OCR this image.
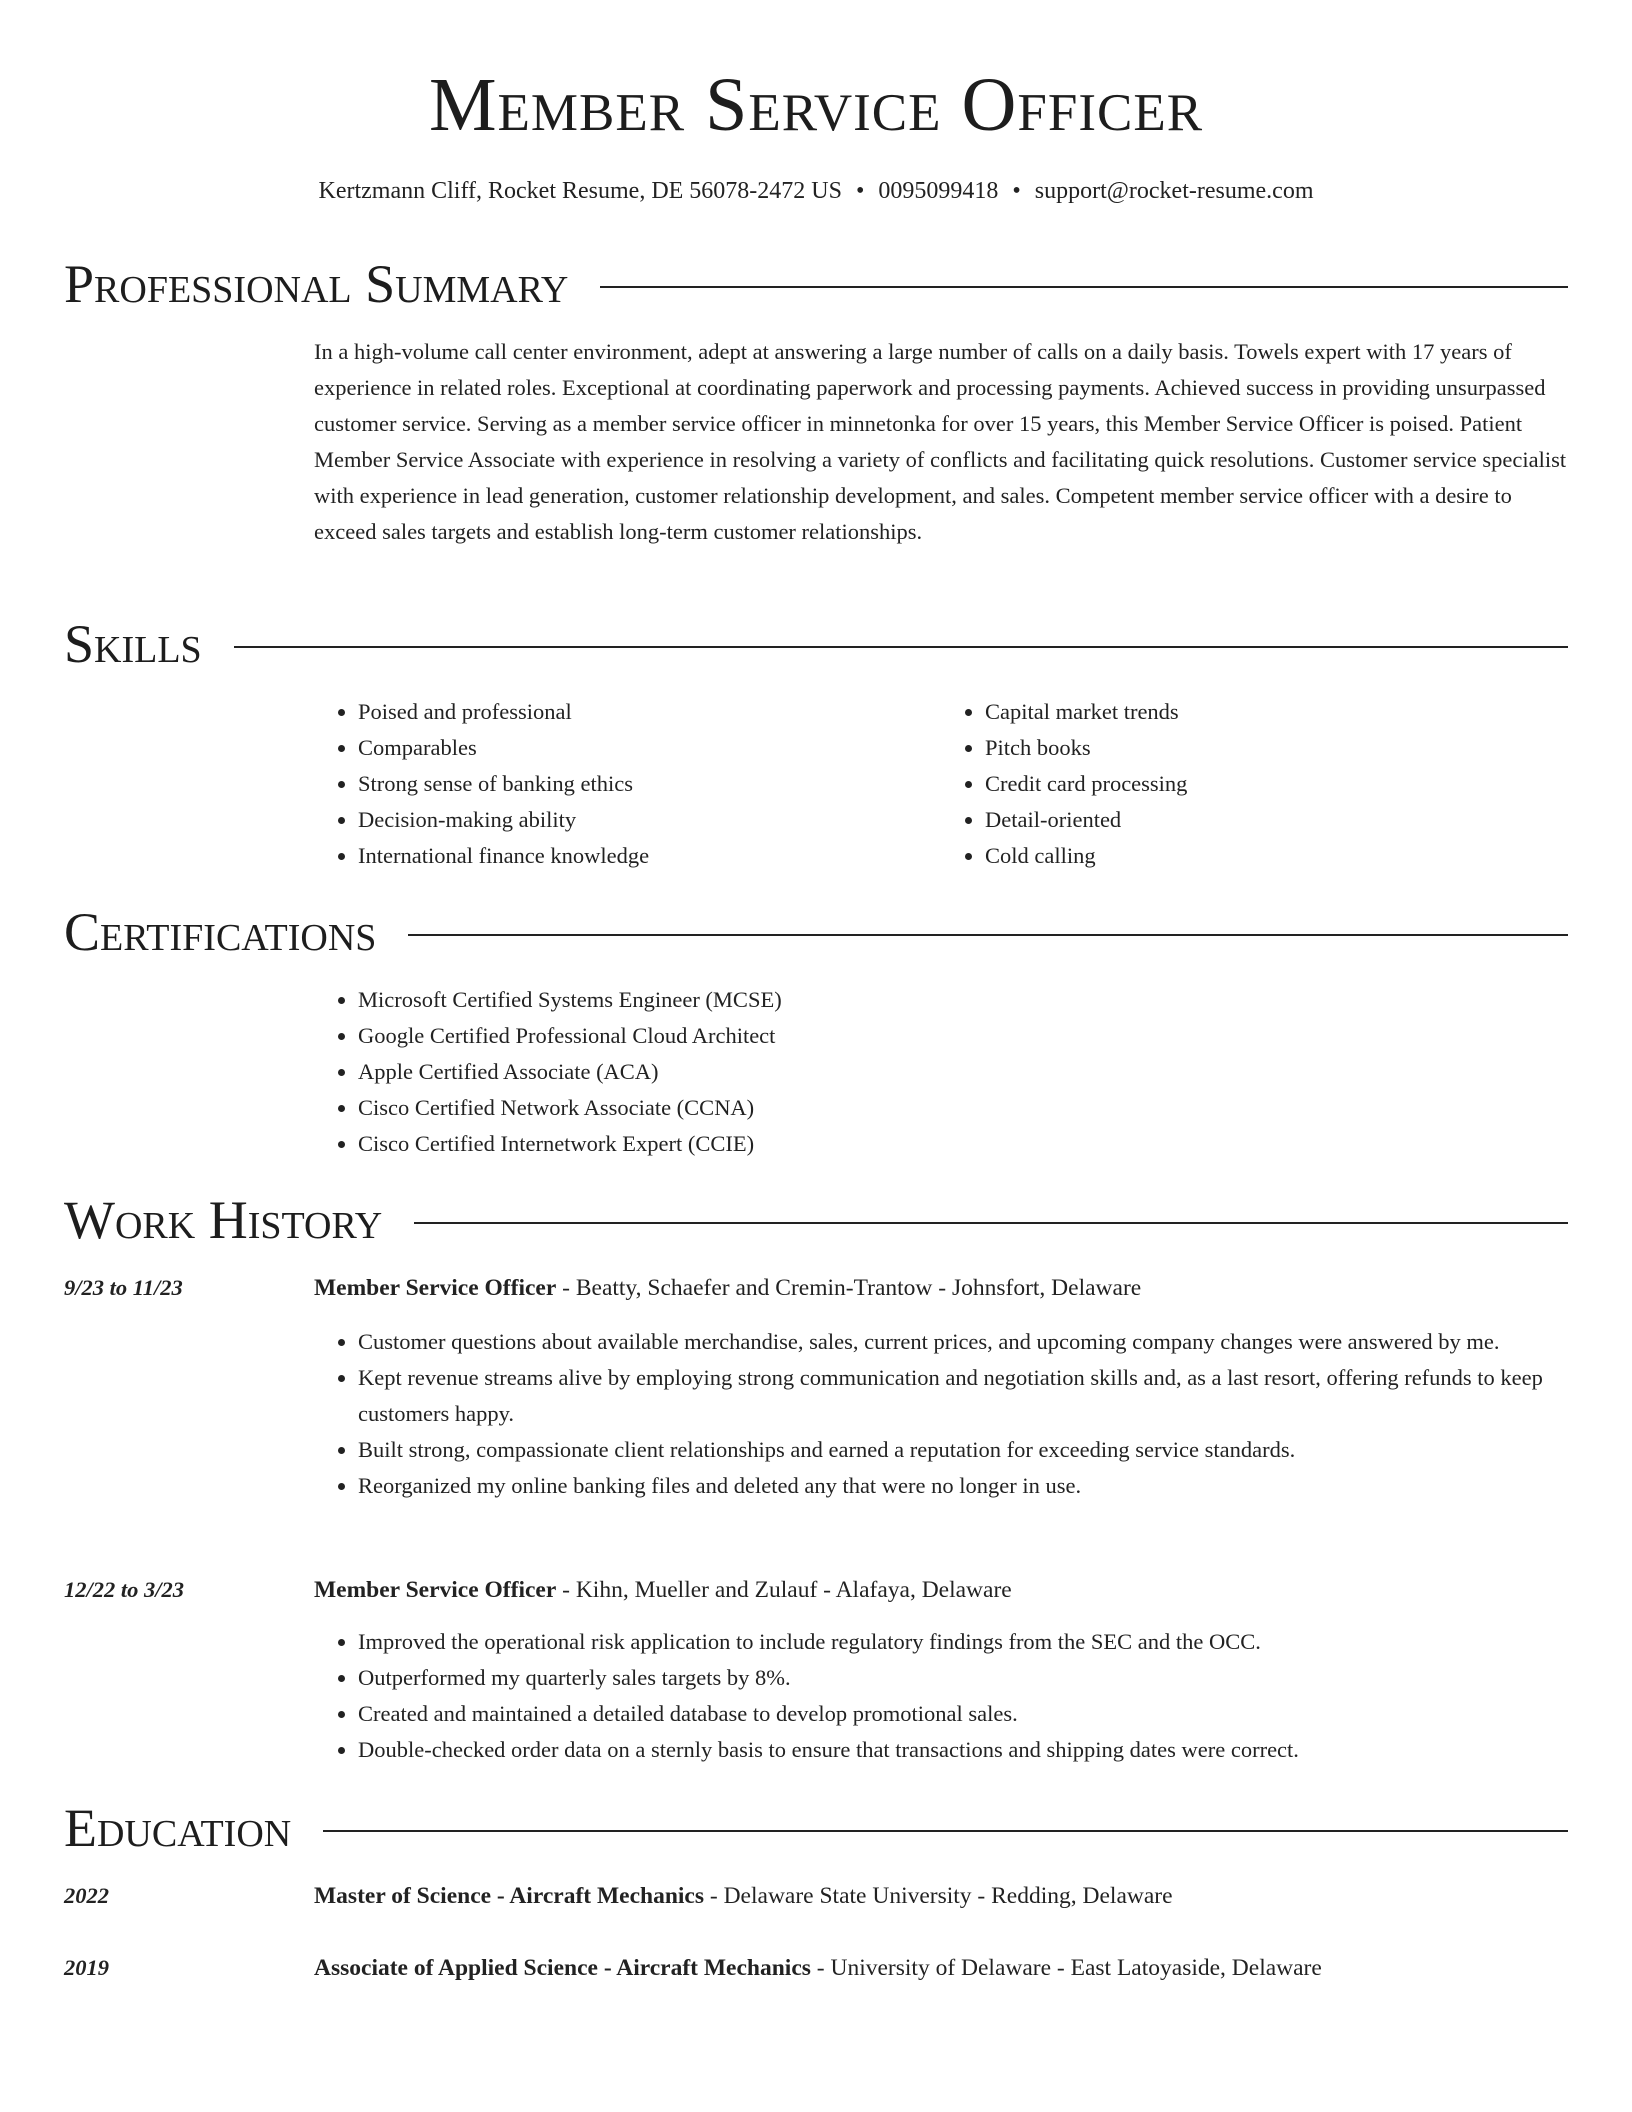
Member Service Officer
Kertzmann Cliff, Rocket Resume, DE 56078-2472 US • 0095099418 • support@rocket-resume.com
Professional Summary

In a high-volume call center environment, adept at answering a large number of calls on a daily basis. Towels expert with 17 years of experience in related roles. Exceptional at coordinating paperwork and processing payments. Achieved success in providing unsurpassed customer service. Serving as a member service officer in minnetonka for over 15 years, this Member Service Officer is poised. Patient Member Service Associate with experience in resolving a variety of conflicts and facilitating quick resolutions. Customer service specialist with experience in lead generation, customer relationship development, and sales. Competent member service officer with a desire to exceed sales targets and establish long-term customer relationships.

Skills
• Poised and professional
• Comparables
• Strong sense of banking ethics
• Decision-making ability
• International finance knowledge
• Capital market trends
• Pitch books
• Credit card processing
• Detail-oriented
• Cold calling
Certifications
• Microsoft Certified Systems Engineer (MCSE)
• Google Certified Professional Cloud Architect
• Apple Certified Associate (ACA)
• Cisco Certified Network Associate (CCNA)
• Cisco Certified Internetwork Expert (CCIE)
Work History
9/23 to 11/23	Member Service Officer - Beatty, Schaefer and Cremin-Trantow - Johnsfort, Delaware
• Customer questions about available merchandise, sales, current prices, and upcoming company changes were answered by me.
• Kept revenue streams alive by employing strong communication and negotiation skills and, as a last resort, offering refunds to keep customers happy.
• Built strong, compassionate client relationships and earned a reputation for exceeding service standards.
• Reorganized my online banking files and deleted any that were no longer in use.
12/22 to 3/23	Member Service Officer - Kihn, Mueller and Zulauf - Alafaya, Delaware
• Improved the operational risk application to include regulatory findings from the SEC and the OCC.
• Outperformed my quarterly sales targets by 8%.
• Created and maintained a detailed database to develop promotional sales.
• Double-checked order data on a sternly basis to ensure that transactions and shipping dates were correct.
Education
2022	Master of Science - Aircraft Mechanics - Delaware State University - Redding, Delaware
2019	Associate of Applied Science - Aircraft Mechanics - University of Delaware - East Latoyaside, Delaware
